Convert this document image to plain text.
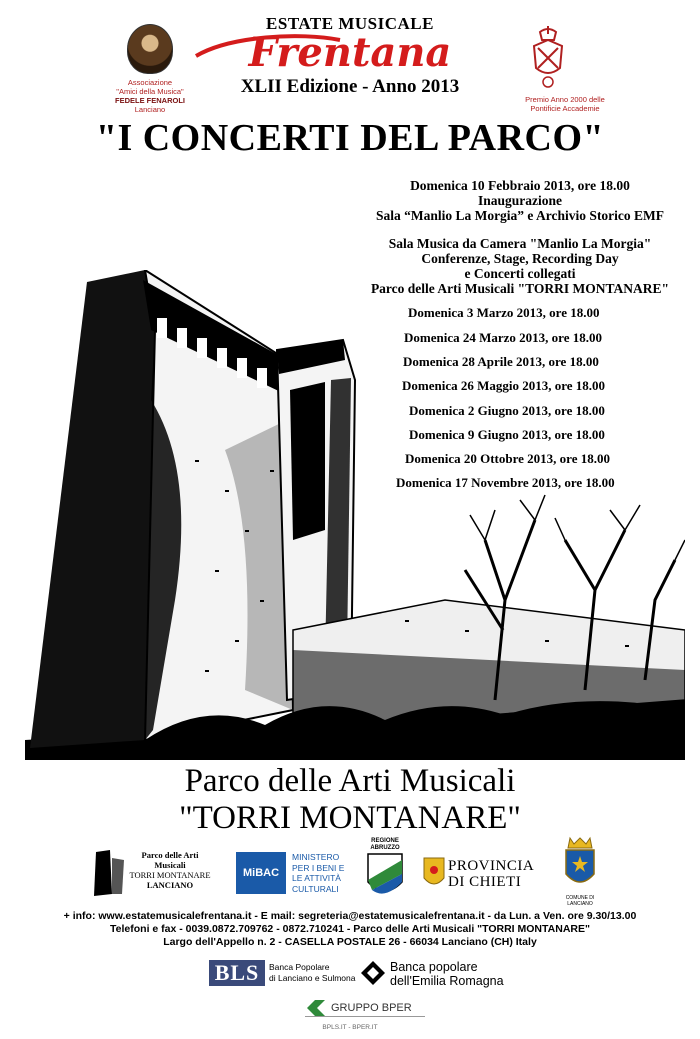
ESTATE MUSICALE
Frentana
XLII Edizione - Anno 2013
Associazione
"Amici della Musica"
FEDELE FENAROLI
Lanciano
Premio Anno 2000 delle
Pontificie Accademie
"I CONCERTI DEL PARCO"
Domenica 10 Febbraio 2013, ore 18.00
Inaugurazione
Sala “Manlio La Morgia” e Archivio Storico EMF
Sala Musica da Camera "Manlio La Morgia"
Conferenze, Stage, Recording Day
e Concerti collegati
Parco delle Arti Musicali "TORRI MONTANARE"
Parco delle Arti Musicali
"TORRI MONTANARE"
Parco delle Arti Musicali
TORRI MONTANARE
LANCIANO
MiBAC
MINISTERO
PER I BENI E
LE ATTIVITÀ
CULTURALI
REGIONE
ABRUZZO
PROVINCIA
DI CHIETI
COMUNE DI LANCIANO
+ info: www.estatemusicalefrentana.it - E mail: segreteria@estatemusicalefrentana.it - da Lun. a Ven. ore 9.30/13.00
Telefoni e fax - 0039.0872.709762 - 0872.710241 - Parco delle Arti Musicali "TORRI MONTANARE"
Largo dell'Appello n. 2 - CASELLA POSTALE 26 - 66034 Lanciano (CH) Italy
BLS	Banca Popolare
di Lanciano e Sulmona
Banca popolare
dell'Emilia Romagna
GRUPPO BPER
BPLS.IT - BPER.IT
Domenica 3 Marzo 2013, ore 18.00
Domenica 24 Marzo 2013, ore 18.00
Domenica 28 Aprile 2013, ore 18.00
Domenica 26 Maggio 2013, ore 18.00
Domenica 2 Giugno 2013, ore 18.00
Domenica 9 Giugno 2013, ore 18.00
Domenica 20 Ottobre 2013, ore 18.00
Domenica 17 Novembre 2013, ore 18.00
